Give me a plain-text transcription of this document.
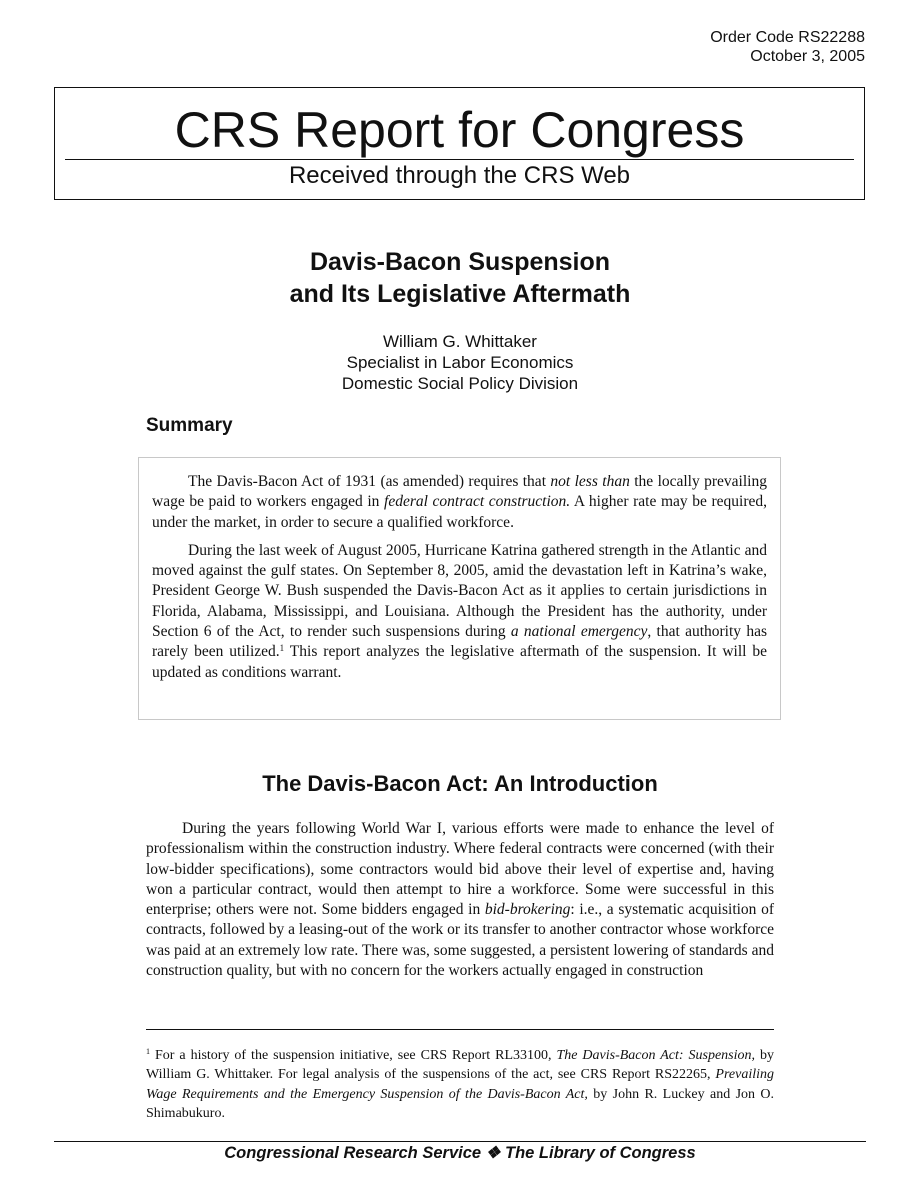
Order Code RS22288
October 3, 2005
CRS Report for Congress
Received through the CRS Web
Davis-Bacon Suspension
and Its Legislative Aftermath
William G. Whittaker
Specialist in Labor Economics
Domestic Social Policy Division
Summary

The Davis-Bacon Act of 1931 (as amended) requires that not less than the locally prevailing wage be paid to workers engaged in federal contract construction. A higher rate may be required, under the market, in order to secure a qualified workforce.

During the last week of August 2005, Hurricane Katrina gathered strength in the Atlantic and moved against the gulf states. On September 8, 2005, amid the devastation left in Katrina’s wake, President George W. Bush suspended the Davis-Bacon Act as it applies to certain jurisdictions in Florida, Alabama, Mississippi, and Louisiana. Although the President has the authority, under Section 6 of the Act, to render such suspensions during a national emergency, that authority has rarely been utilized.$^1$ This report analyzes the legislative aftermath of the suspension. It will be updated as conditions warrant.

The Davis-Bacon Act: An Introduction

During the years following World War I, various efforts were made to enhance the level of professionalism within the construction industry. Where federal contracts were concerned (with their low-bidder specifications), some contractors would bid above their level of expertise and, having won a particular contract, would then attempt to hire a workforce. Some were successful in this enterprise; others were not. Some bidders engaged in bid-brokering: i.e., a systematic acquisition of contracts, followed by a leasing-out of the work or its transfer to another contractor whose workforce was paid at an extremely low rate. There was, some suggested, a persistent lowering of standards and construction quality, but with no concern for the workers actually engaged in construction

$^1$ For a history of the suspension initiative, see CRS Report RL33100, The Davis-Bacon Act: Suspension, by William G. Whittaker. For legal analysis of the suspensions of the act, see CRS Report RS22265, Prevailing Wage Requirements and the Emergency Suspension of the Davis-Bacon Act, by John R. Luckey and Jon O. Shimabukuro.
Congressional Research Service ❖ The Library of Congress
